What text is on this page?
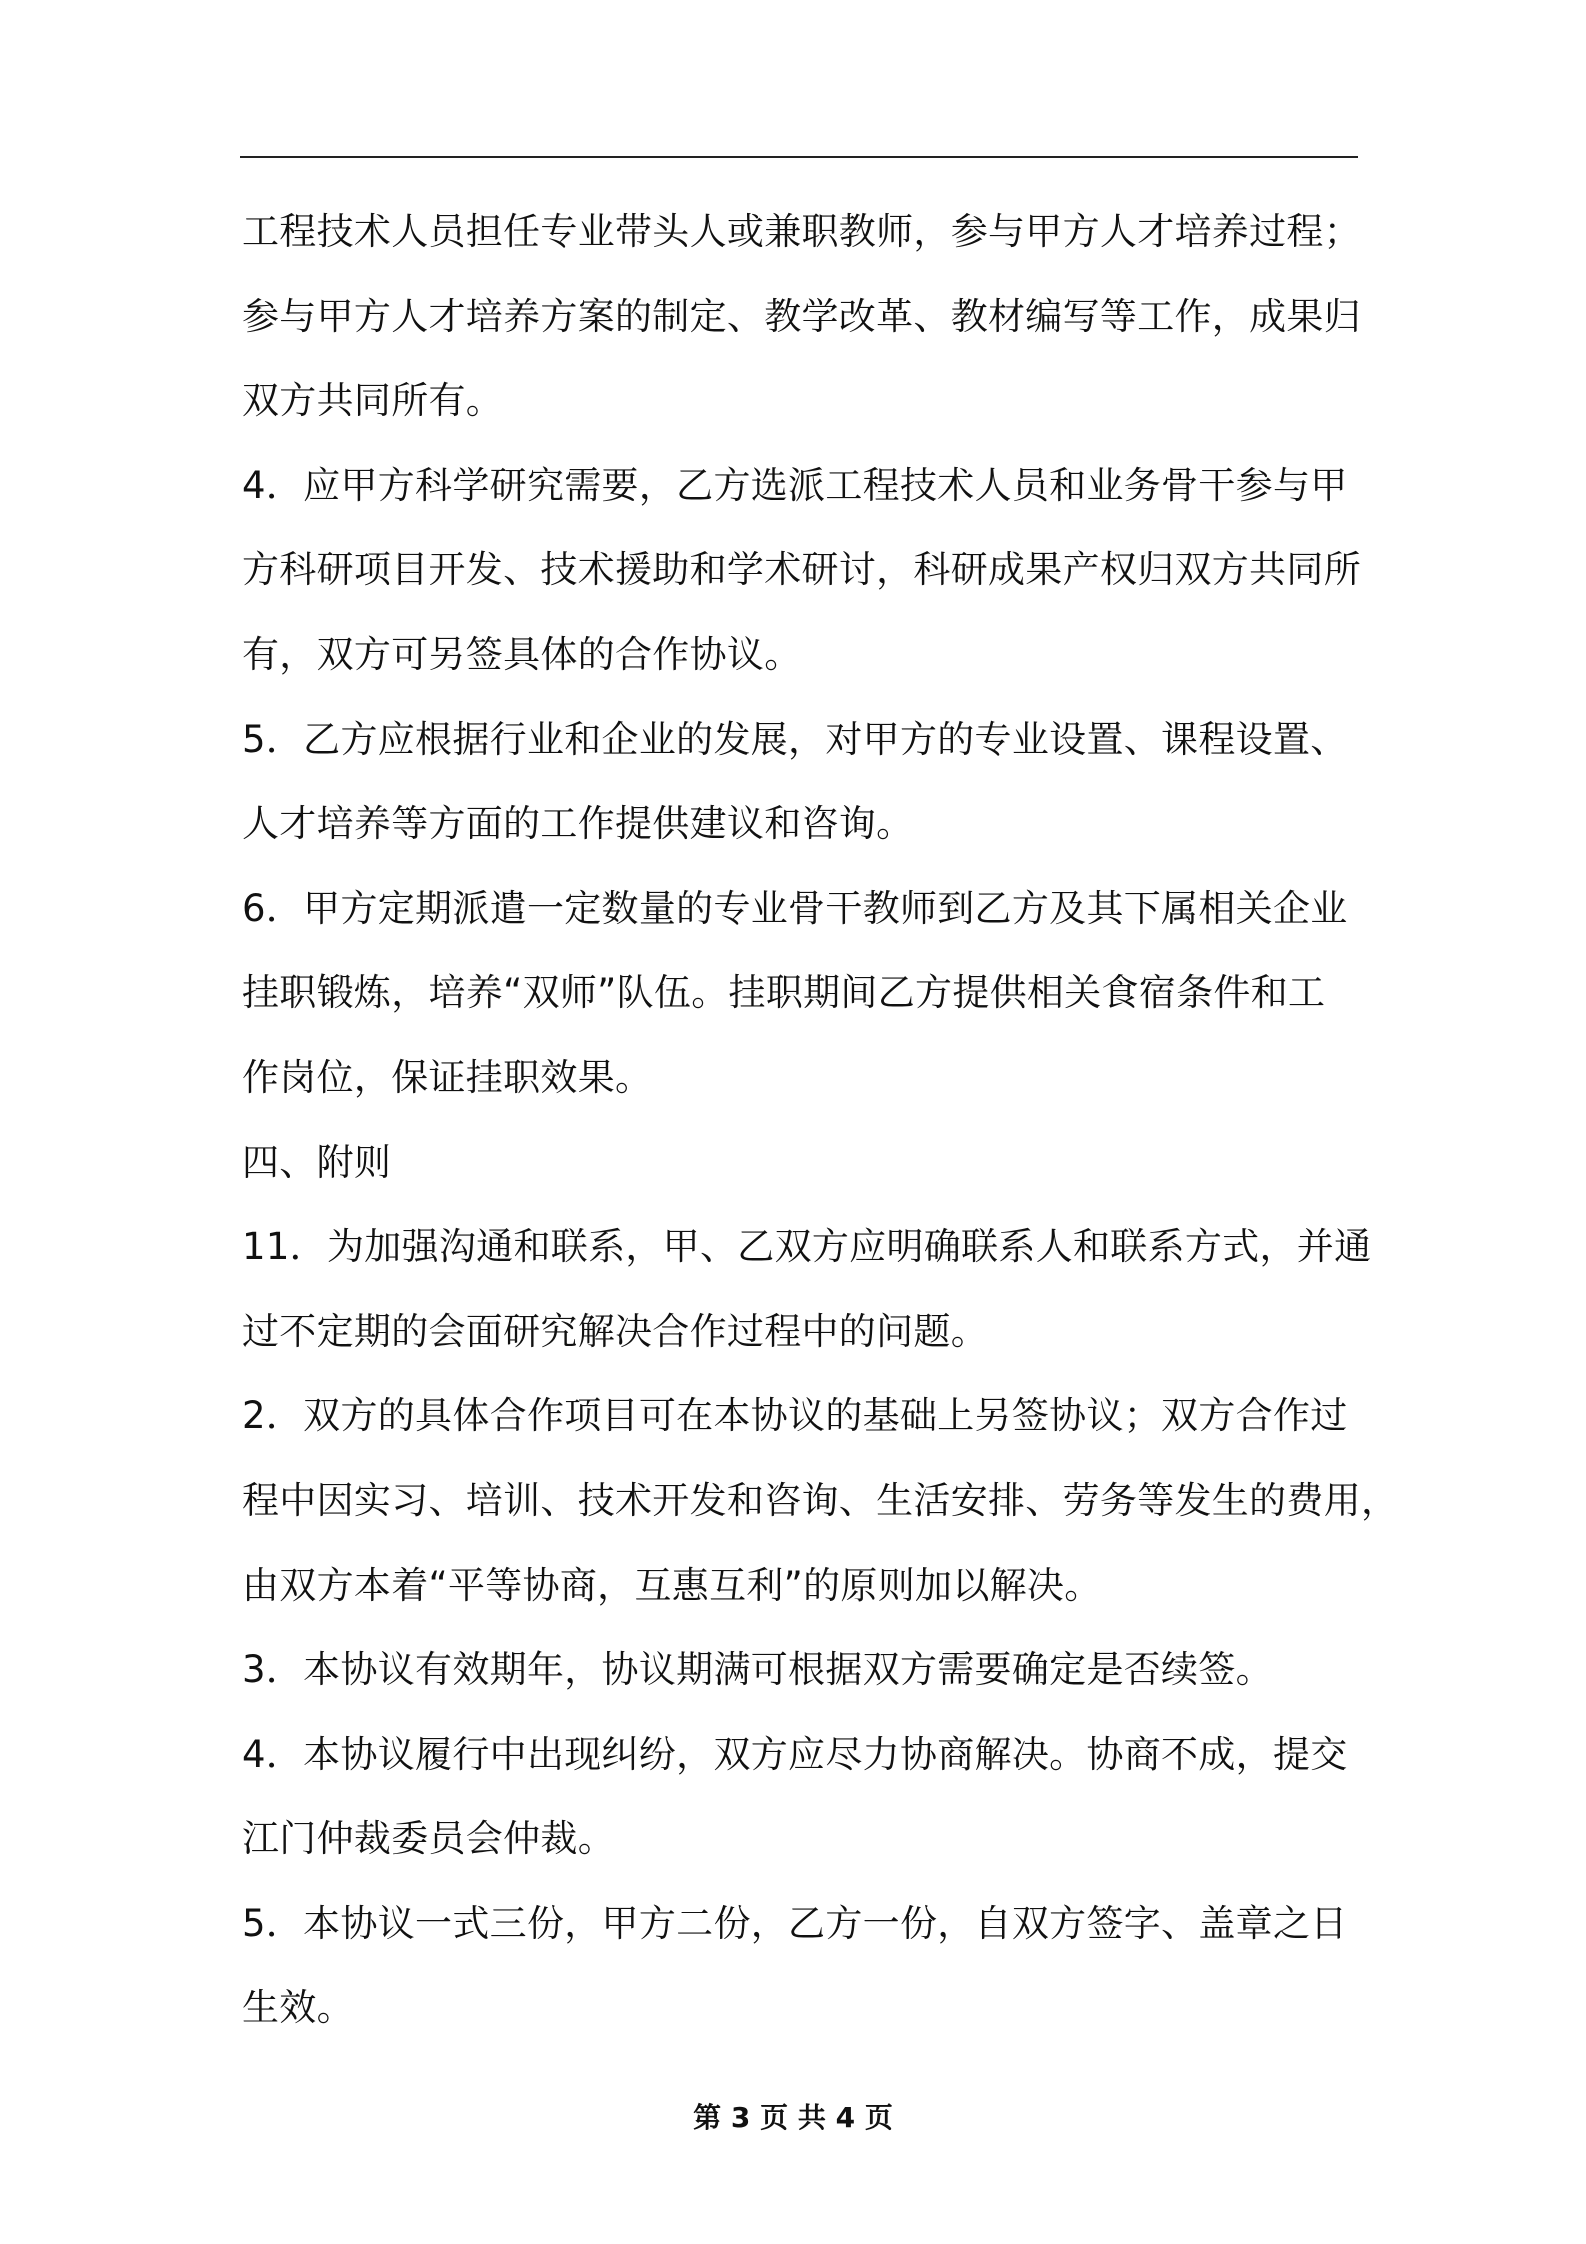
工程技术人员担任专业带头人或兼职教师，参与甲方人才培养过程；
参与甲方人才培养方案的制定、教学改革、教材编写等工作，成果归
双方共同所有。
4．应甲方科学研究需要，乙方选派工程技术人员和业务骨干参与甲
方科研项目开发、技术援助和学术研讨，科研成果产权归双方共同所
有，双方可另签具体的合作协议。
5．乙方应根据行业和企业的发展，对甲方的专业设置、课程设置、
人才培养等方面的工作提供建议和咨询。
6．甲方定期派遣一定数量的专业骨干教师到乙方及其下属相关企业
挂职锻炼，培养“双师”队伍。挂职期间乙方提供相关食宿条件和工
作岗位，保证挂职效果。
四、附则
11．为加强沟通和联系，甲、乙双方应明确联系人和联系方式，并通
过不定期的会面研究解决合作过程中的问题。
2．双方的具体合作项目可在本协议的基础上另签协议；双方合作过
程中因实习、培训、技术开发和咨询、生活安排、劳务等发生的费用，
由双方本着“平等协商，互惠互利”的原则加以解决。
3．本协议有效期年，协议期满可根据双方需要确定是否续签。
4．本协议履行中出现纠纷，双方应尽力协商解决。协商不成，提交
江门仲裁委员会仲裁。
5．本协议一式三份，甲方二份，乙方一份，自双方签字、盖章之日
生效。
第 3 页 共 4 页
